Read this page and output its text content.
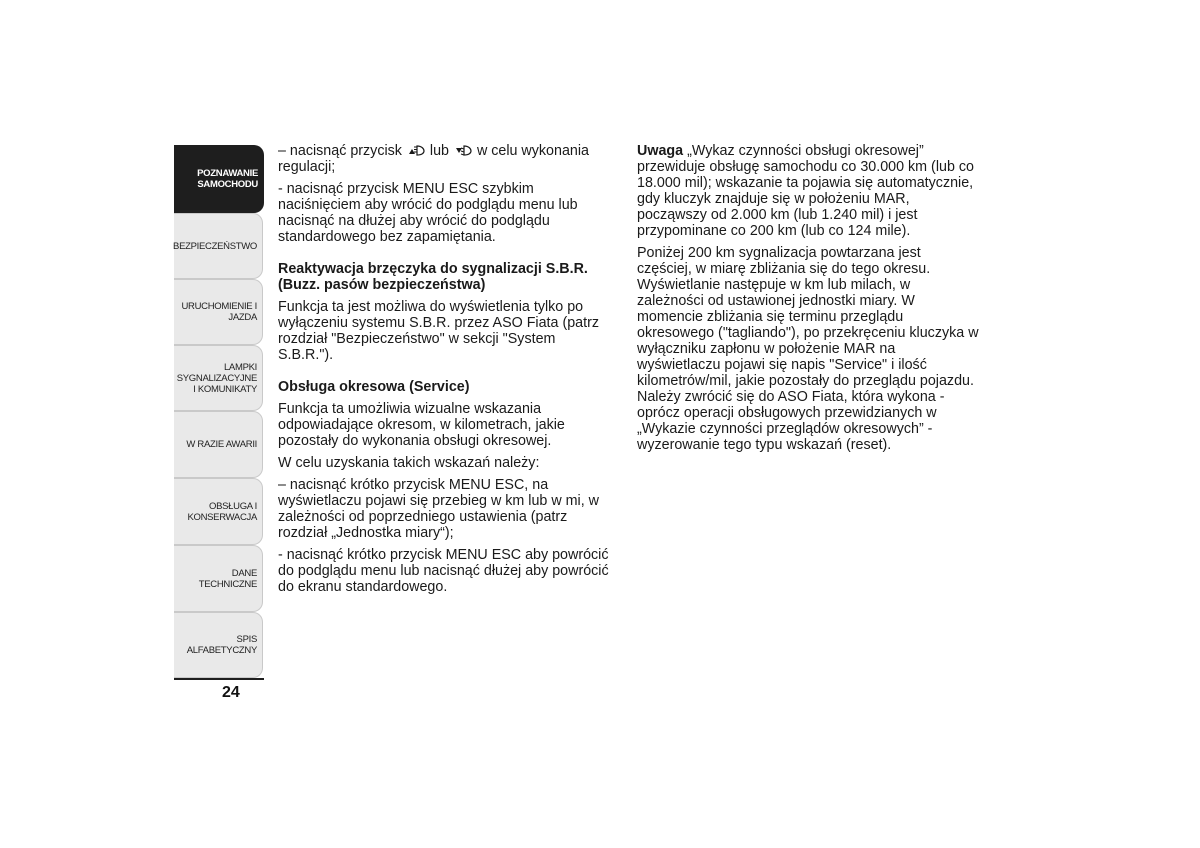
POZNAWANIE SAMOCHODU
BEZPIECZEŃSTWO
URUCHOMIENIE I JAZDA
LAMPKI SYGNALIZACYJNE I KOMUNIKATY
W RAZIE AWARII
OBSŁUGA I KONSERWACJA
DANE TECHNICZNE
SPIS ALFABETYCZNY
24

– nacisnąć przycisk  lub  w celu wykonania regulacji;

- nacisnąć przycisk MENU ESC szybkim naciśnięciem aby wrócić do podglądu menu lub nacisnąć na dłużej aby wrócić do podglądu standardowego bez zapamiętania.

Reaktywacja brzęczyka do sygnalizacji S.B.R. (Buzz. pasów bezpieczeństwa)

Funkcja ta jest możliwa do wyświetlenia tylko po wyłączeniu systemu S.B.R. przez ASO Fiata (patrz rozdział "Bezpieczeństwo" w sekcji "System S.B.R.").

Obsługa okresowa (Service)

Funkcja ta umożliwia wizualne wskazania odpowiadające okresom, w kilometrach, jakie pozostały do wykonania obsługi okresowej.

W celu uzyskania takich wskazań należy:

– nacisnąć krótko przycisk MENU ESC, na wyświetlaczu pojawi się przebieg w km lub w mi, w zależności od poprzedniego ustawienia (patrz rozdział „Jednostka miary“);

- nacisnąć krótko przycisk MENU ESC aby powrócić do podglądu menu lub nacisnąć dłużej aby powrócić do ekranu standardowego.

Uwaga „Wykaz czynności obsługi okresowej” przewiduje obsługę samochodu co 30.000 km (lub co 18.000 mil); wskazanie ta pojawia się automatycznie, gdy kluczyk znajduje się w położeniu MAR, począwszy od 2.000 km (lub 1.240 mil) i jest przypominane co 200 km (lub co 124 mile).

Poniżej 200 km sygnalizacja powtarzana jest częściej, w miarę zbliżania się do tego okresu. Wyświetlanie następuje w km lub milach, w zależności od ustawionej jednostki miary. W momencie zbliżania się terminu przeglądu okresowego ("tagliando"), po przekręceniu kluczyka w wyłączniku zapłonu w położenie MAR na wyświetlaczu pojawi się napis "Service" i ilość kilometrów/mil, jakie pozostały do przeglądu pojazdu. Należy zwrócić się do ASO Fiata, która wykona - oprócz operacji obsługowych przewidzianych w „Wykazie czynności przeglądów okresowych” - wyzerowanie tego typu wskazań (reset).
